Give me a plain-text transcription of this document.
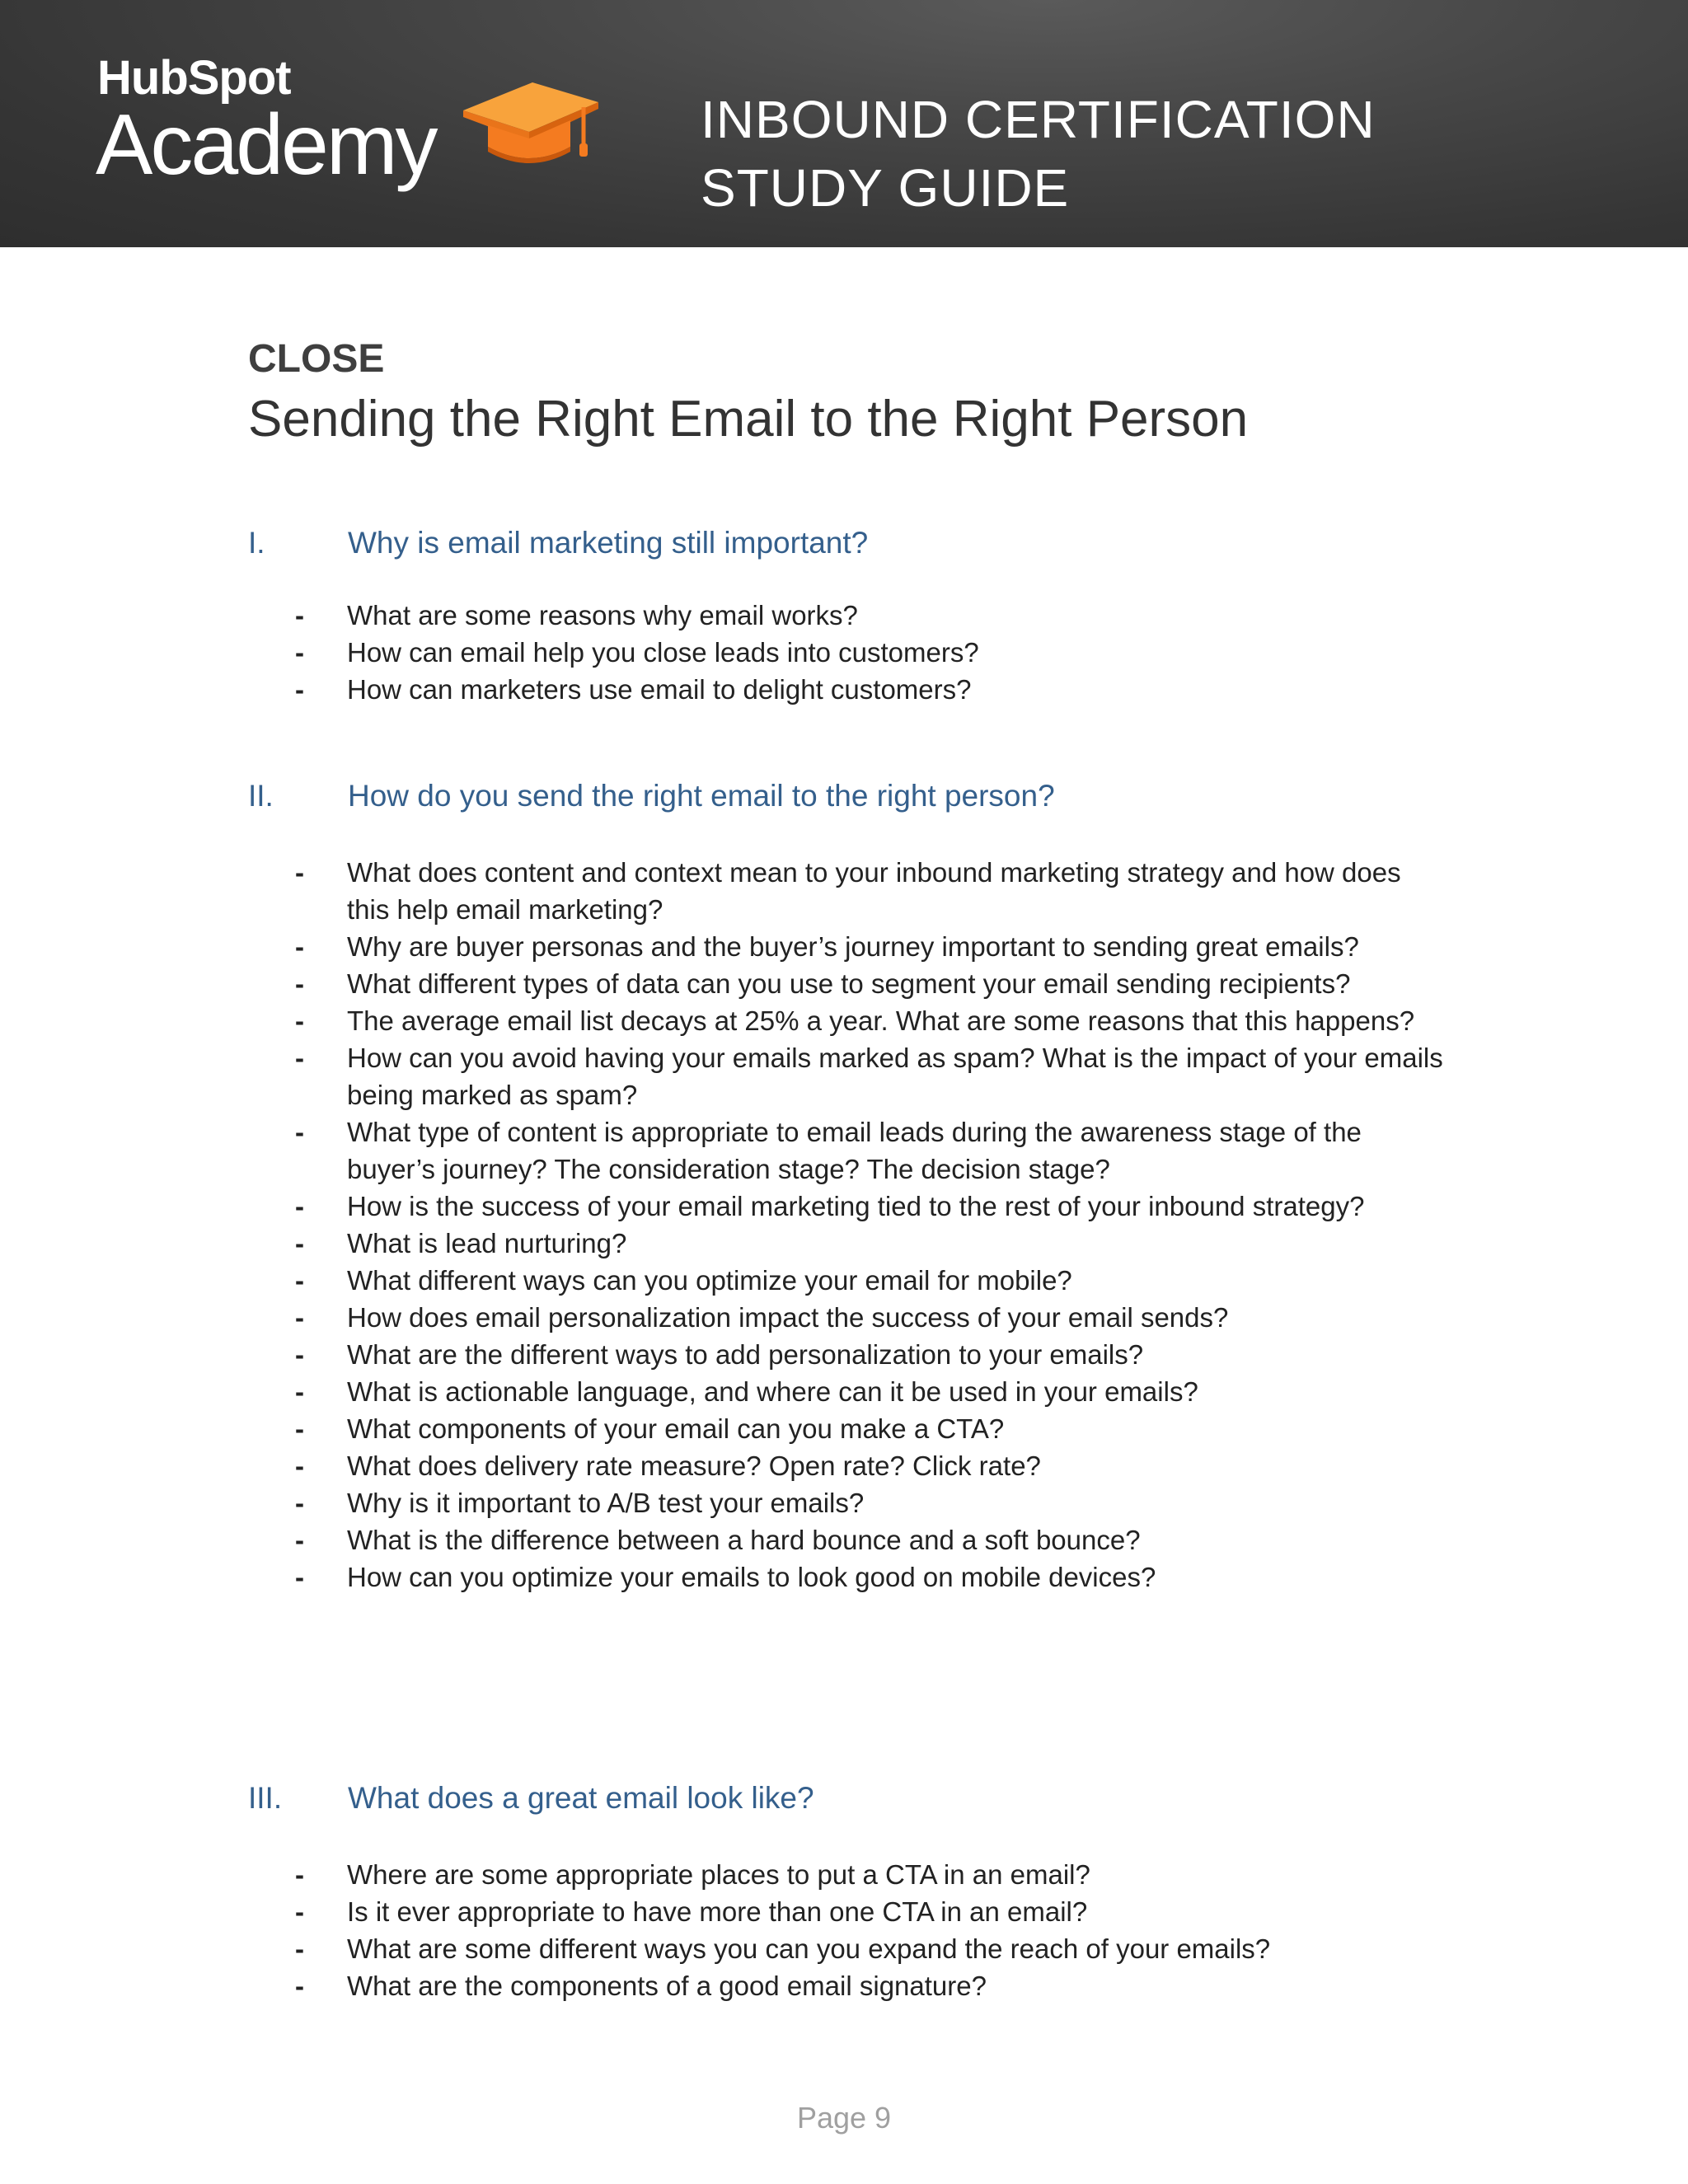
HubSpot
Academy	INBOUND CERTIFICATION
STUDY GUIDE
CLOSE
Sending the Right Email to the Right Person
I.	Why is email marketing still important?
- What are some reasons why email works?
- How can email help you close leads into customers?
- How can marketers use email to delight customers?
II. How do you send the right email to the right person?
- What does content and context mean to your inbound marketing strategy and how does this help email marketing?
- Why are buyer personas and the buyer’s journey important to sending great emails?
- What different types of data can you use to segment your email sending recipients?
- The average email list decays at 25% a year. What are some reasons that this happens?
- How can you avoid having your emails marked as spam? What is the impact of your emails being marked as spam?
- What type of content is appropriate to email leads during the awareness stage of the buyer’s journey? The consideration stage? The decision stage?
- How is the success of your email marketing tied to the rest of your inbound strategy?
- What is lead nurturing?
- What different ways can you optimize your email for mobile?
- How does email personalization impact the success of your email sends?
- What are the different ways to add personalization to your emails?
- What is actionable language, and where can it be used in your emails?
- What components of your email can you make a CTA?
- What does delivery rate measure? Open rate? Click rate?
- Why is it important to A/B test your emails?
- What is the difference between a hard bounce and a soft bounce?
- How can you optimize your emails to look good on mobile devices?
III. What does a great email look like?
- Where are some appropriate places to put a CTA in an email?
- Is it ever appropriate to have more than one CTA in an email?
- What are some different ways you can you expand the reach of your emails?
- What are the components of a good email signature?
Page 9
